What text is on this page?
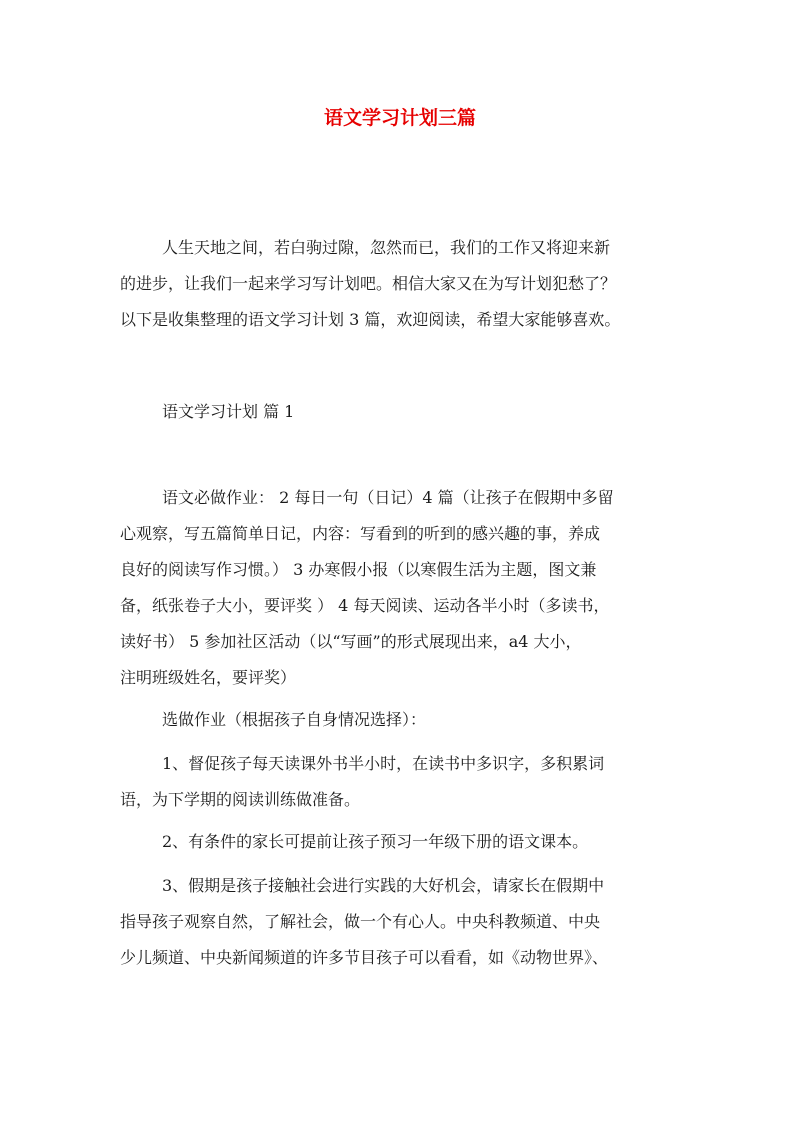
语文学习计划三篇
人生天地之间，若白驹过隙，忽然而已，我们的工作又将迎来新
的进步，让我们一起来学习写计划吧。相信大家又在为写计划犯愁了？
以下是收集整理的语文学习计划 3 篇，欢迎阅读，希望大家能够喜欢。
语文学习计划 篇 1
语文必做作业： 2 每日一句（日记）4 篇（让孩子在假期中多留
心观察，写五篇简单日记，内容：写看到的听到的感兴趣的事，养成
良好的阅读写作习惯。） 3 办寒假小报（以寒假生活为主题，图文兼
备，纸张卷子大小，要评奖 ） 4 每天阅读、运动各半小时（多读书，
读好书） 5 参加社区活动（以“写画”的形式展现出来，a4 大小，
注明班级姓名，要评奖）
选做作业（根据孩子自身情况选择）：
1、督促孩子每天读课外书半小时，在读书中多识字，多积累词
语，为下学期的阅读训练做准备。
2、有条件的家长可提前让孩子预习一年级下册的语文课本。
3、假期是孩子接触社会进行实践的大好机会，请家长在假期中
指导孩子观察自然，了解社会，做一个有心人。中央科教频道、中央
少儿频道、中央新闻频道的许多节目孩子可以看看，如《动物世界》、
